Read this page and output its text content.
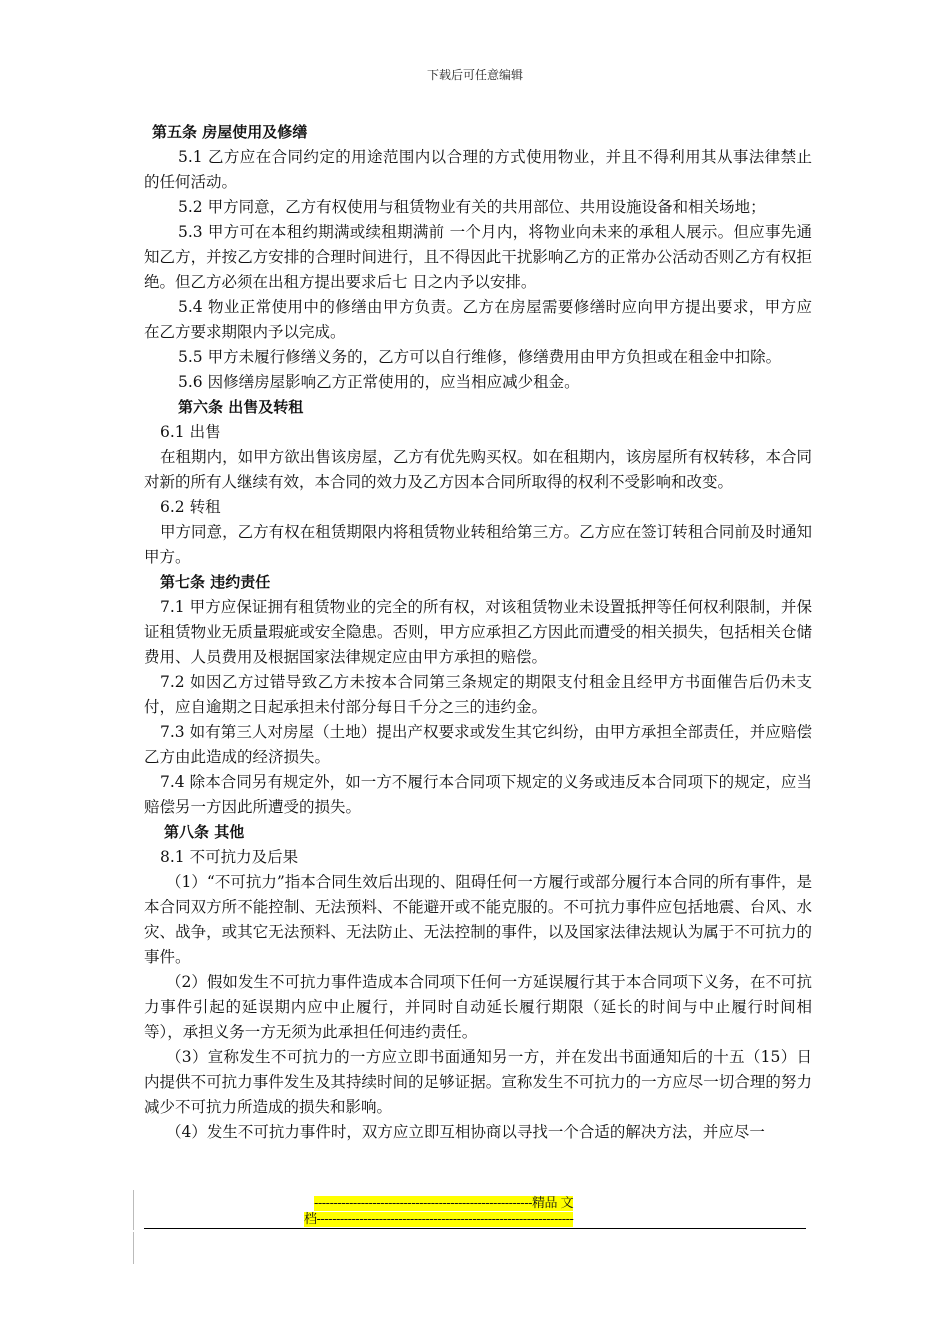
下载后可任意编辑

第五条 房屋使用及修缮

5.1 乙方应在合同约定的用途范围内以合理的方式使用物业，并且不得利用其从事法律禁止的任何活动。

5.2 甲方同意，乙方有权使用与租赁物业有关的共用部位、共用设施设备和相关场地；

5.3 甲方可在本租约期满或续租期满前 一个月内，将物业向未来的承租人展示。但应事先通知乙方，并按乙方安排的合理时间进行，且不得因此干扰影响乙方的正常办公活动否则乙方有权拒绝。但乙方必须在出租方提出要求后七 日之内予以安排。

5.4 物业正常使用中的修缮由甲方负责。乙方在房屋需要修缮时应向甲方提出要求，甲方应在乙方要求期限内予以完成。

5.5 甲方未履行修缮义务的，乙方可以自行维修，修缮费用由甲方负担或在租金中扣除。

5.6 因修缮房屋影响乙方正常使用的，应当相应减少租金。

第六条 出售及转租

6.1 出售

在租期内，如甲方欲出售该房屋，乙方有优先购买权。如在租期内，该房屋所有权转移，本合同对新的所有人继续有效，本合同的效力及乙方因本合同所取得的权利不受影响和改变。

6.2 转租

甲方同意，乙方有权在租赁期限内将租赁物业转租给第三方。乙方应在签订转租合同前及时通知甲方。

第七条 违约责任

7.1 甲方应保证拥有租赁物业的完全的所有权，对该租赁物业未设置抵押等任何权利限制，并保证租赁物业无质量瑕疵或安全隐患。否则，甲方应承担乙方因此而遭受的相关损失，包括相关仓储费用、人员费用及根据国家法律规定应由甲方承担的赔偿。

7.2 如因乙方过错导致乙方未按本合同第三条规定的期限支付租金且经甲方书面催告后仍未支付，应自逾期之日起承担未付部分每日千分之三的违约金。

7.3 如有第三人对房屋（土地）提出产权要求或发生其它纠纷，由甲方承担全部责任，并应赔偿乙方由此造成的经济损失。

7.4 除本合同另有规定外，如一方不履行本合同项下规定的义务或违反本合同项下的规定，应当赔偿另一方因此所遭受的损失。

第八条 其他

8.1 不可抗力及后果

（1）“不可抗力”指本合同生效后出现的、阻碍任何一方履行或部分履行本合同的所有事件，是本合同双方所不能控制、无法预料、不能避开或不能克服的。不可抗力事件应包括地震、台风、水灾、战争，或其它无法预料、无法防止、无法控制的事件，以及国家法律法规认为属于不可抗力的事件。

（2）假如发生不可抗力事件造成本合同项下任何一方延误履行其于本合同项下义务，在不可抗力事件引起的延误期内应中止履行，并同时自动延长履行期限（延长的时间与中止履行时间相等），承担义务一方无须为此承担任何违约责任。

（3）宣称发生不可抗力的一方应立即书面通知另一方，并在发出书面通知后的十五（15）日内提供不可抗力事件发生及其持续时间的足够证据。宣称发生不可抗力的一方应尽一切合理的努力减少不可抗力所造成的损失和影响。

（4）发生不可抗力事件时，双方应立即互相协商以寻找一个合适的解决方法，并应尽一

--------------------------------------------------------精品 文
档------------------------------------------------------------------
